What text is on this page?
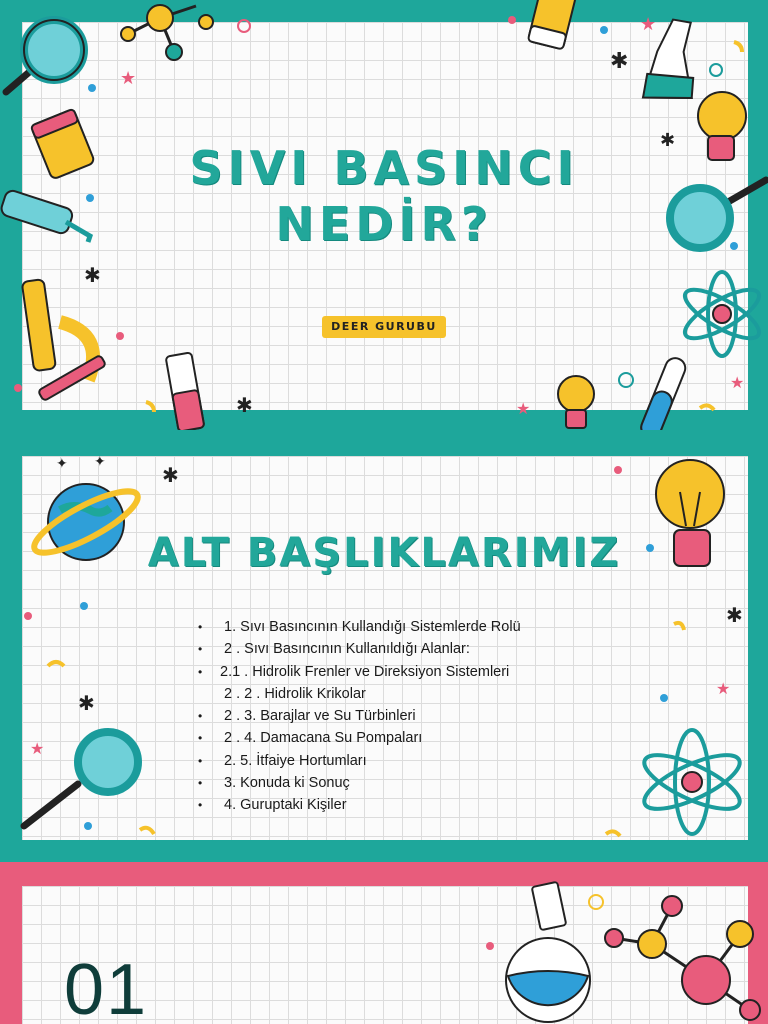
✱
✱
✱
✱
★
★
★
★
SIVI BASINCI
NEDİR?
DEER GURUBU
✱
✱
✱
★
★
✦ ✦
ALT BAŞLIKLARIMIZ
• 1. Sıvı Basıncının Kullandığı Sistemlerde Rolü
• 2 . Sıvı Basıncının Kullanıldığı Alanlar:
• 2.1 . Hidrolik Frenler ve Direksiyon Sistemleri
2 . 2 . Hidrolik Krikolar
• 2 . 3. Barajlar ve Su Türbinleri
• 2 . 4. Damacana Su Pompaları
• 2. 5. İtfaiye Hortumları
• 3. Konuda ki Sonuç
• 4. Guruptaki Kişiler
01
